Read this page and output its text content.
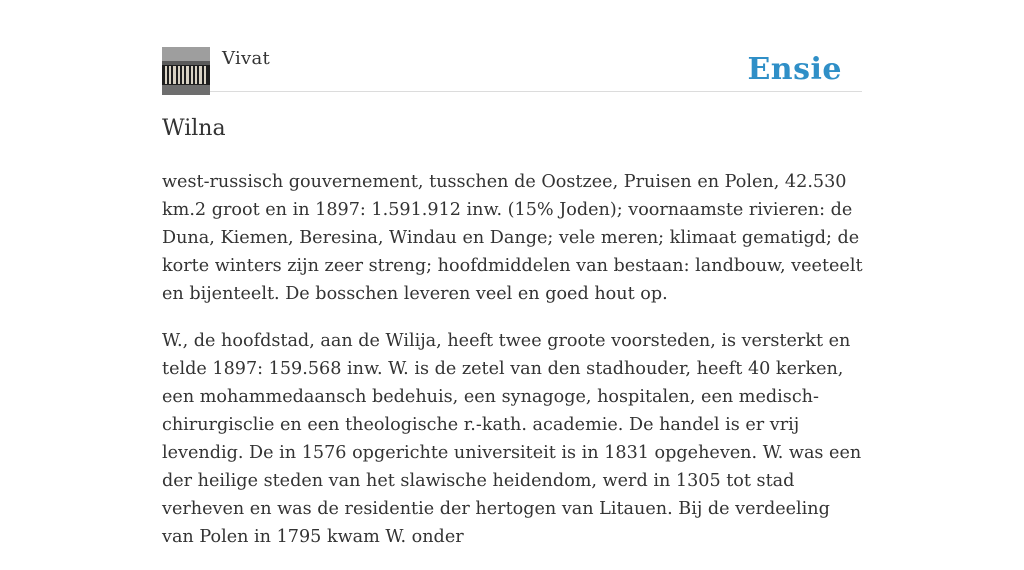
Vivat	Ensie
Wilna

west-russisch gouvernement, tusschen de Oostzee, Pruisen en Polen, 42.530 km.2 groot en in 1897: 1.591.912 inw. (15% Joden); voornaamste rivieren: de Duna, Kiemen, Beresina, Windau en Dange; vele meren; klimaat gematigd; de korte winters zijn zeer streng; hoofdmiddelen van bestaan: landbouw, veeteelt en bijenteelt. De bosschen leveren veel en goed hout op.

W., de hoofdstad, aan de Wilija, heeft twee groote voorsteden, is versterkt en telde 1897: 159.568 inw. W. is de zetel van den stadhouder, heeft 40 kerken, een mohammedaansch bedehuis, een synagoge, hospitalen, een medisch-chirurgisclie en een theologische r.-kath. academie. De handel is er vrij levendig. De in 1576 opgerichte universiteit is in 1831 opgeheven. W. was een der heilige steden van het slawische heidendom, werd in 1305 tot stad verheven en was de residentie der hertogen van Litauen. Bij de verdeeling van Polen in 1795 kwam W. onder
